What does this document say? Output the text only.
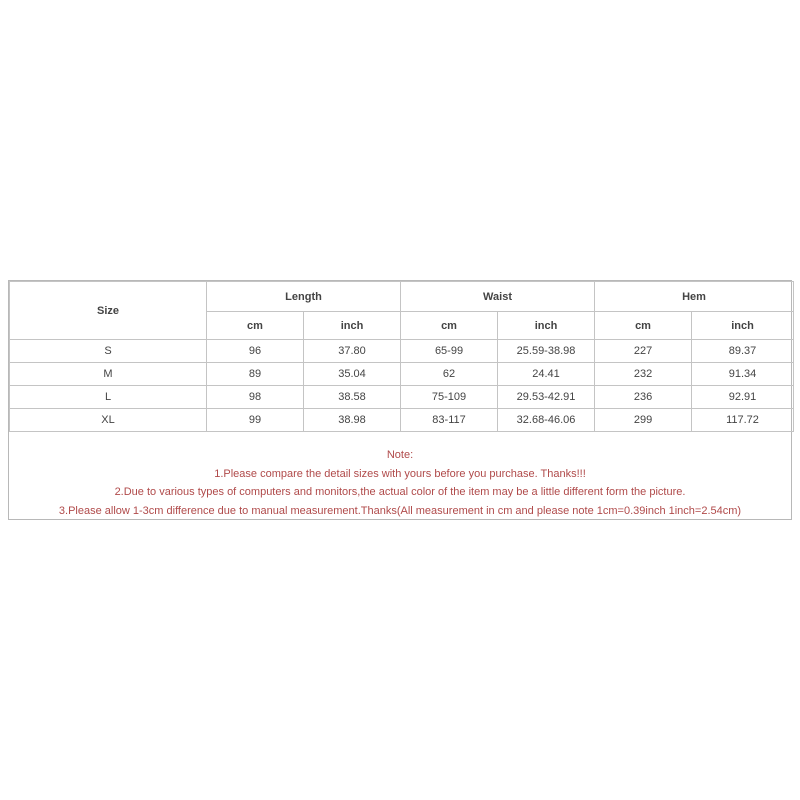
Size	Length		Waist		Hem	
	cm	inch	cm	inch	cm	inch
S	96	37.80	65-99	25.59-38.98	227	89.37
M	89	35.04	62	24.41	232	91.34
L	98	38.58	75-109	29.53-42.91	236	92.91
XL	99	38.98	83-117	32.68-46.06	299	117.72
Note:
1.Please compare the detail sizes with yours before you purchase. Thanks!!!
2.Due to various types of computers and monitors,the actual color of the item may be a little different form the picture.
3.Please allow 1-3cm difference due to manual measurement.Thanks(All measurement in cm and please note 1cm=0.39inch 1inch=2.54cm)
